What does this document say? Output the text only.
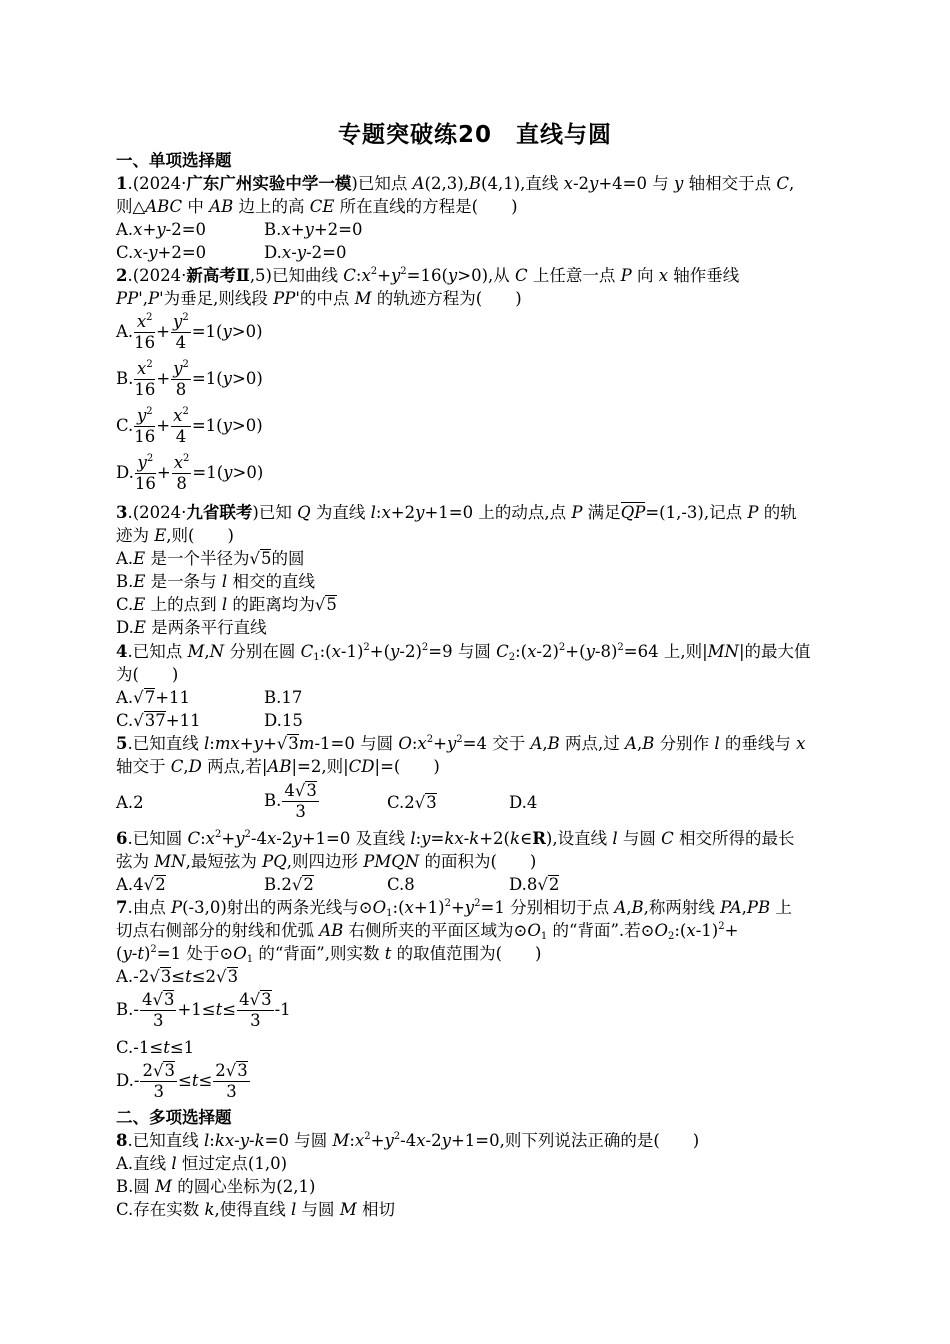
专题突破练20　直线与圆
一、单项选择题
1.(2024·广东广州实验中学一模)已知点 A(2,3),B(4,1),直线 x-2y+4=0 与 y 轴相交于点 C,
则△ABC 中 AB 边上的高 CE 所在直线的方程是(　　)
A.x+y-2=0	B.x+y+2=0
C.x-y+2=0	D.x-y-2=0
2.(2024·新高考Ⅱ,5)已知曲线 $C:x^2+y^2=16(y>0)$,从 C 上任意一点 P 向 x 轴作垂线
PP',P'为垂足,则线段 PP'的中点 M 的轨迹方程为(　　)
A. $\frac{x^2}{16} + \frac{y^2}{4} =1(y>0)$
B. $\frac{x^2}{16} + \frac{y^2}{8} =1(y>0)$
C. $\frac{y^2}{16} + \frac{x^2}{4} =1(y>0)$
D. $\frac{y^2}{16} + \frac{x^2}{8} =1(y>0)$
3.(2024·九省联考)已知 Q 为直线 l:x+2y+1=0 上的动点,点 P 满足QP=(1,-3),记点 P 的轨
迹为 E,则(　　)
A.E 是一个半径为√5的圆
B.E 是一条与 l 相交的直线
C.E 上的点到 l 的距离均为√5
D.E 是两条平行直线
4.已知点 M,N 分别在圆 $C_1:(x-1)^2+(y-2)^2=9$ 与圆 $C_2:(x-2)^2+(y-8)^2=64$ 上,则|MN|的最大值
为(　　)
A.√7+11	B.17
C.√37+11	D.15
5.已知直线 l:mx+y+√3m-1=0 与圆 $O:x^2+y^2=4$ 交于 A,B 两点,过 A,B 分别作 l 的垂线与 x
轴交于 C,D 两点,若|AB|=2,则|CD|=(　　)
A.2	B. $\frac{4√3}{3}$	C.2√3	D.4
6.已知圆 $C:x^2+y^2-4x-2y+1=0$ 及直线 l:y=kx-k+2(k∈R),设直线 l 与圆 C 相交所得的最长
弦为 MN,最短弦为 PQ,则四边形 PMQN 的面积为(　　)
A.4√2	B.2√2	C.8	D.8√2
7.由点 P(-3,0)射出的两条光线与$⊙O_1:(x+1)^2+y^2=1$ 分别相切于点 A,B,称两射线 PA,PB 上
切点右侧部分的射线和优弧 AB 右侧所夹的平面区域为$⊙O_1$ 的“背面”.若$⊙O_2:(x-1)^2+$
$(y-t)^2=1$ 处于$⊙O_1$ 的“背面”,则实数 t 的取值范围为(　　)
A.-2√3≤t≤2√3
$B.- \frac{4√3}{3} +1\le t\le \frac{4√3}{3} -1$
C.-1≤t≤1
$D.- \frac{2√3}{3} \le t\le \frac{2√3}{3}$
二、多项选择题
8.已知直线 l:kx-y-k=0 与圆 $M:x^2+y^2-4x-2y+1=0$,则下列说法正确的是(　　)
A.直线 l 恒过定点(1,0)
B.圆 M 的圆心坐标为(2,1)
C.存在实数 k,使得直线 l 与圆 M 相切
